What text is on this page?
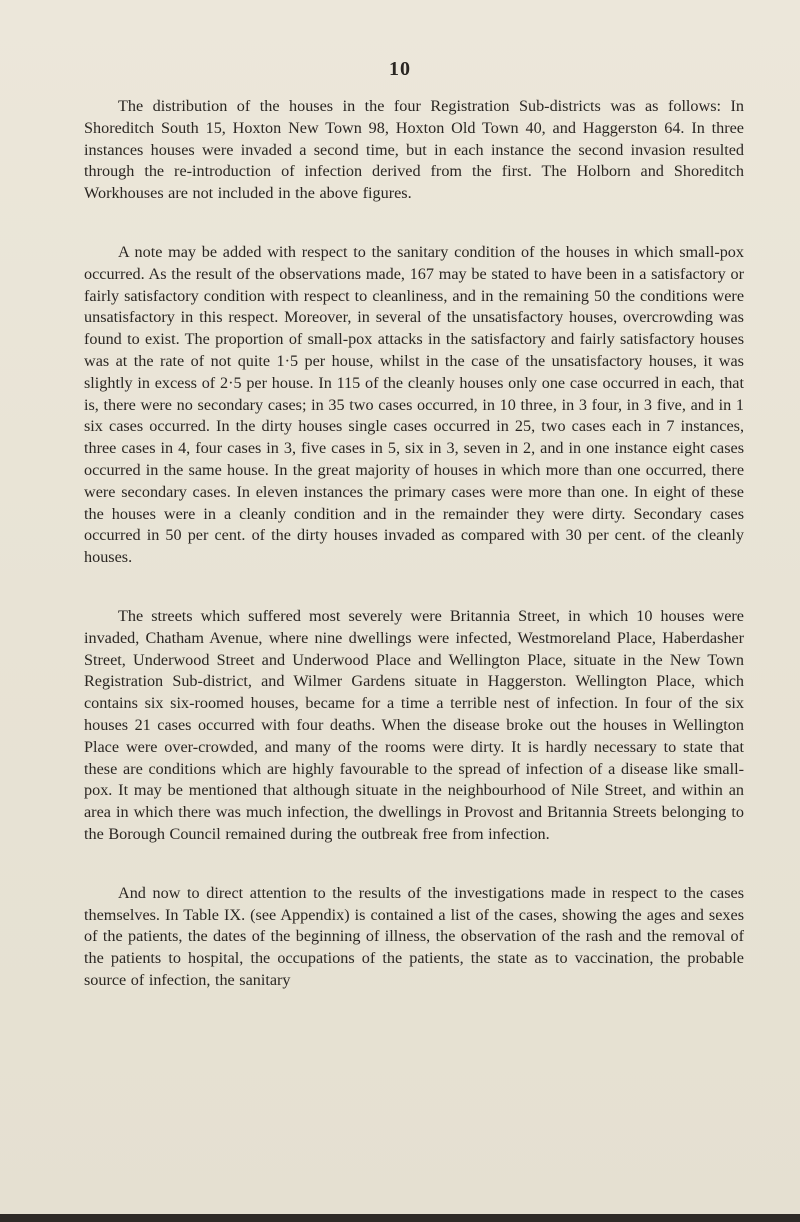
10

The distribution of the houses in the four Registration Sub-districts was as follows: In Shoreditch South 15, Hoxton New Town 98, Hoxton Old Town 40, and Haggerston 64. In three instances houses were invaded a second time, but in each instance the second invasion resulted through the re-introduction of infection derived from the first. The Holborn and Shoreditch Workhouses are not included in the above figures.

A note may be added with respect to the sanitary condition of the houses in which small-pox occurred. As the result of the observations made, 167 may be stated to have been in a satisfactory or fairly satisfactory condition with respect to cleanliness, and in the remaining 50 the conditions were unsatisfactory in this respect. Moreover, in several of the unsatisfactory houses, overcrowding was found to exist. The proportion of small-pox attacks in the satisfactory and fairly satisfactory houses was at the rate of not quite 1·5 per house, whilst in the case of the unsatisfactory houses, it was slightly in excess of 2·5 per house. In 115 of the cleanly houses only one case occurred in each, that is, there were no secondary cases; in 35 two cases occurred, in 10 three, in 3 four, in 3 five, and in 1 six cases occurred. In the dirty houses single cases occurred in 25, two cases each in 7 instances, three cases in 4, four cases in 3, five cases in 5, six in 3, seven in 2, and in one instance eight cases occurred in the same house. In the great majority of houses in which more than one occurred, there were secondary cases. In eleven instances the primary cases were more than one. In eight of these the houses were in a cleanly condition and in the remainder they were dirty. Secondary cases occurred in 50 per cent. of the dirty houses invaded as compared with 30 per cent. of the cleanly houses.

The streets which suffered most severely were Britannia Street, in which 10 houses were invaded, Chatham Avenue, where nine dwellings were infected, Westmoreland Place, Haberdasher Street, Underwood Street and Underwood Place and Wellington Place, situate in the New Town Registration Sub-district, and Wilmer Gardens situate in Haggerston. Wellington Place, which contains six six-roomed houses, became for a time a terrible nest of infection. In four of the six houses 21 cases occurred with four deaths. When the disease broke out the houses in Wellington Place were over-crowded, and many of the rooms were dirty. It is hardly necessary to state that these are conditions which are highly favourable to the spread of infection of a disease like small-pox. It may be mentioned that although situate in the neighbourhood of Nile Street, and within an area in which there was much infection, the dwellings in Provost and Britannia Streets belonging to the Borough Council remained during the outbreak free from infection.

And now to direct attention to the results of the investigations made in respect to the cases themselves. In Table IX. (see Appendix) is contained a list of the cases, showing the ages and sexes of the patients, the dates of the beginning of illness, the observation of the rash and the removal of the patients to hospital, the occupations of the patients, the state as to vaccination, the probable source of infection, the sanitary
